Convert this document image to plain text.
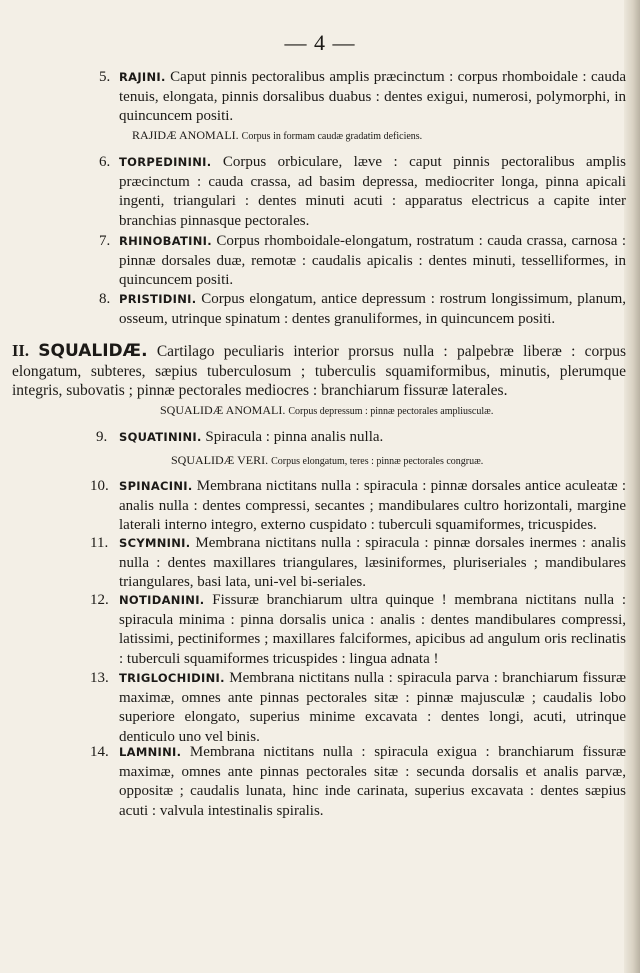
— 4 —
5. RAJINI. Caput pinnis pectoralibus amplis præcinctum : corpus rhomboidale : cauda tenuis, elongata, pinnis dorsalibus duabus : dentes exigui, numerosi, polymorphi, in quincuncem positi.
RAJIDÆ ANOMALI. Corpus in formam caudæ gradatim deficiens.
6. TORPEDININI. Corpus orbiculare, læve : caput pinnis pectoralibus amplis præcinctum : cauda crassa, ad basim depressa, mediocriter longa, pinna apicali ingenti, triangulari : dentes minuti acuti : apparatus electricus a capite inter branchias pinnasque pectorales.
7. RHINOBATINI. Corpus rhomboidale-elongatum, rostratum : cauda crassa, carnosa : pinnæ dorsales duæ, remotæ : caudalis apicalis : dentes minuti, tesselliformes, in quincuncem positi.
8. PRISTIDINI. Corpus elongatum, antice depressum : rostrum longissimum, planum, osseum, utrinque spinatum : dentes granuliformes, in quincuncem positi.
II. SQUALIDÆ. Cartilago peculiaris interior prorsus nulla : palpebræ liberæ : corpus elongatum, subteres, sæpius tuberculosum ; tuberculis squamiformibus, minutis, plerumque integris, subovatis ; pinnæ pectorales mediocres : branchiarum fissuræ laterales.
SQUALIDÆ ANOMALI. Corpus depressum : pinnæ pectorales ampliusculæ.
9.	SQUATININI. Spiracula : pinna analis nulla.
SQUALIDÆ VERI. Corpus elongatum, teres : pinnæ pectorales congruæ.
10. SPINACINI. Membrana nictitans nulla : spiracula : pinnæ dorsales antice aculeatæ : analis nulla : dentes compressi, secantes ; mandibulares cultro horizontali, margine laterali interno integro, externo cuspidato : tuberculi squamiformes, tricuspides.
11. SCYMNINI. Membrana nictitans nulla : spiracula : pinnæ dorsales inermes : analis nulla : dentes maxillares triangulares, læsiniformes, pluriseriales ; mandibulares triangulares, basi lata, uni-vel bi-seriales.
12. NOTIDANINI. Fissuræ branchiarum ultra quinque ! membrana nictitans nulla : spiracula minima : pinna dorsalis unica : analis : dentes mandibulares compressi, latissimi, pectiniformes ; maxillares falciformes, apicibus ad angulum oris reclinatis : tuberculi squamiformes tricuspides : lingua adnata !
13. TRIGLOCHIDINI. Membrana nictitans nulla : spiracula parva : branchiarum fissuræ maximæ, omnes ante pinnas pectorales sitæ : pinnæ majusculæ ; caudalis lobo superiore elongato, superius minime excavata : dentes longi, acuti, utrinque denticulo uno vel binis.
14. LAMNINI. Membrana nictitans nulla : spiracula exigua : branchiarum fissuræ maximæ, omnes ante pinnas pectorales sitæ : secunda dorsalis et analis parvæ, oppositæ ; caudalis lunata, hinc inde carinata, superius excavata : dentes sæpius acuti : valvula intestinalis spiralis.
